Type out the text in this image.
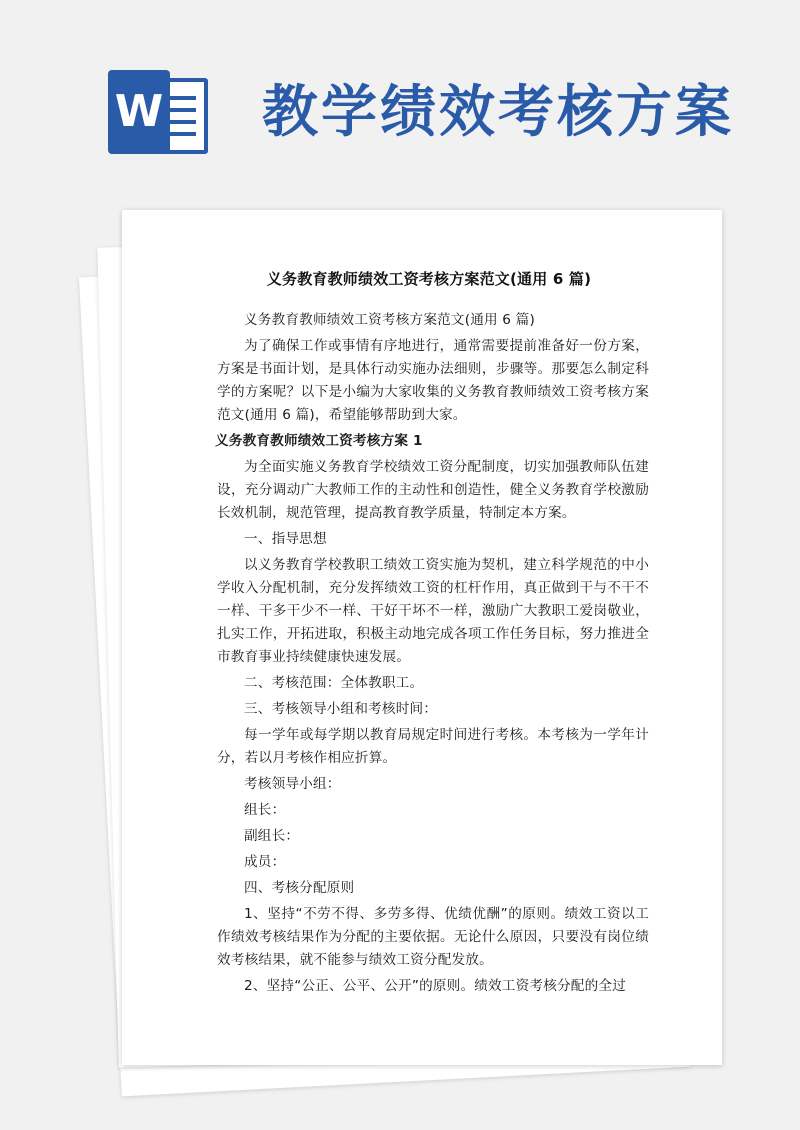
W 教学绩效考核方案
义务教育教师绩效工资考核方案范文(通用 6 篇)
义务教育教师绩效工资考核方案范文(通用 6 篇)
为了确保工作或事情有序地进行，通常需要提前准备好一份方案，方案是书面计划，是具体行动实施办法细则，步骤等。那要怎么制定科学的方案呢？以下是小编为大家收集的义务教育教师绩效工资考核方案范文(通用 6 篇)，希望能够帮助到大家。
义务教育教师绩效工资考核方案 1
为全面实施义务教育学校绩效工资分配制度，切实加强教师队伍建设，充分调动广大教师工作的主动性和创造性，健全义务教育学校激励长效机制，规范管理，提高教育教学质量，特制定本方案。
一、指导思想
以义务教育学校教职工绩效工资实施为契机，建立科学规范的中小学收入分配机制，充分发挥绩效工资的杠杆作用，真正做到干与不干不一样、干多干少不一样、干好干坏不一样，激励广大教职工爱岗敬业，扎实工作，开拓进取，积极主动地完成各项工作任务目标，努力推进全市教育事业持续健康快速发展。
二、考核范围：全体教职工。
三、考核领导小组和考核时间：
每一学年或每学期以教育局规定时间进行考核。本考核为一学年计分，若以月考核作相应折算。
考核领导小组：
组长：
副组长：
成员：
四、考核分配原则
1、坚持“不劳不得、多劳多得、优绩优酬”的原则。绩效工资以工作绩效考核结果作为分配的主要依据。无论什么原因，只要没有岗位绩效考核结果，就不能参与绩效工资分配发放。
2、坚持“公正、公平、公开”的原则。绩效工资考核分配的全过
